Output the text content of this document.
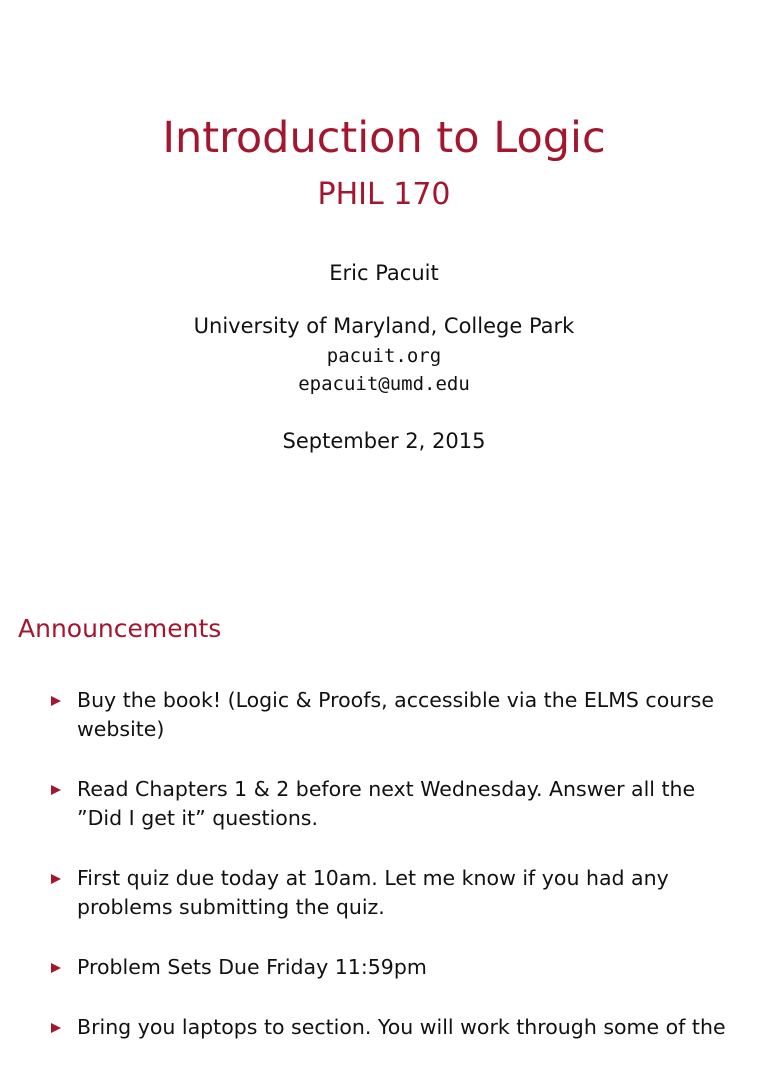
Introduction to Logic
PHIL 170
Eric Pacuit
University of Maryland, College Park
pacuit.org
epacuit@umd.edu
September 2, 2015
Announcements
Buy the book! (Logic & Proofs, accessible via the ELMS course website)
Read Chapters 1 & 2 before next Wednesday. Answer all the ”Did I get it” questions.
First quiz due today at 10am. Let me know if you had any problems submitting the quiz.
Problem Sets Due Friday 11:59pm
Bring you laptops to section. You will work through some of the
